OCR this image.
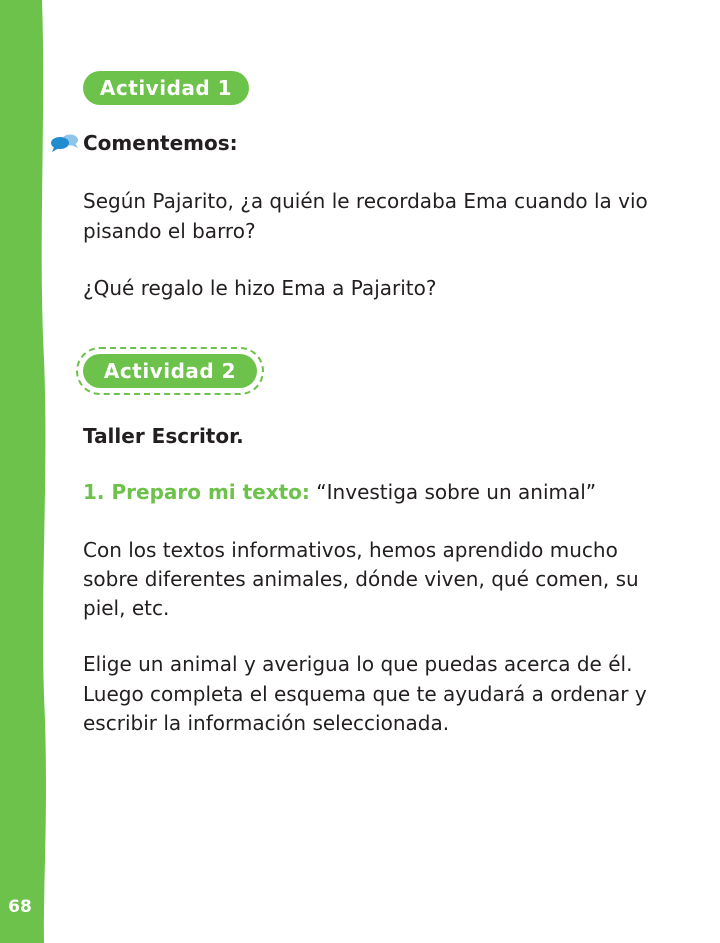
68
Actividad 1
Comentemos:
Según Pajarito, ¿a quién le recordaba Ema cuando la vio
pisando el barro?
¿Qué regalo le hizo Ema a Pajarito?
Actividad 2
Taller Escritor.
1. Preparo mi texto: “Investiga sobre un animal”
Con los textos informativos, hemos aprendido mucho
sobre diferentes animales, dónde viven, qué comen, su
piel, etc.
Elige un animal y averigua lo que puedas acerca de él.
Luego completa el esquema que te ayudará a ordenar y
escribir la información seleccionada.
